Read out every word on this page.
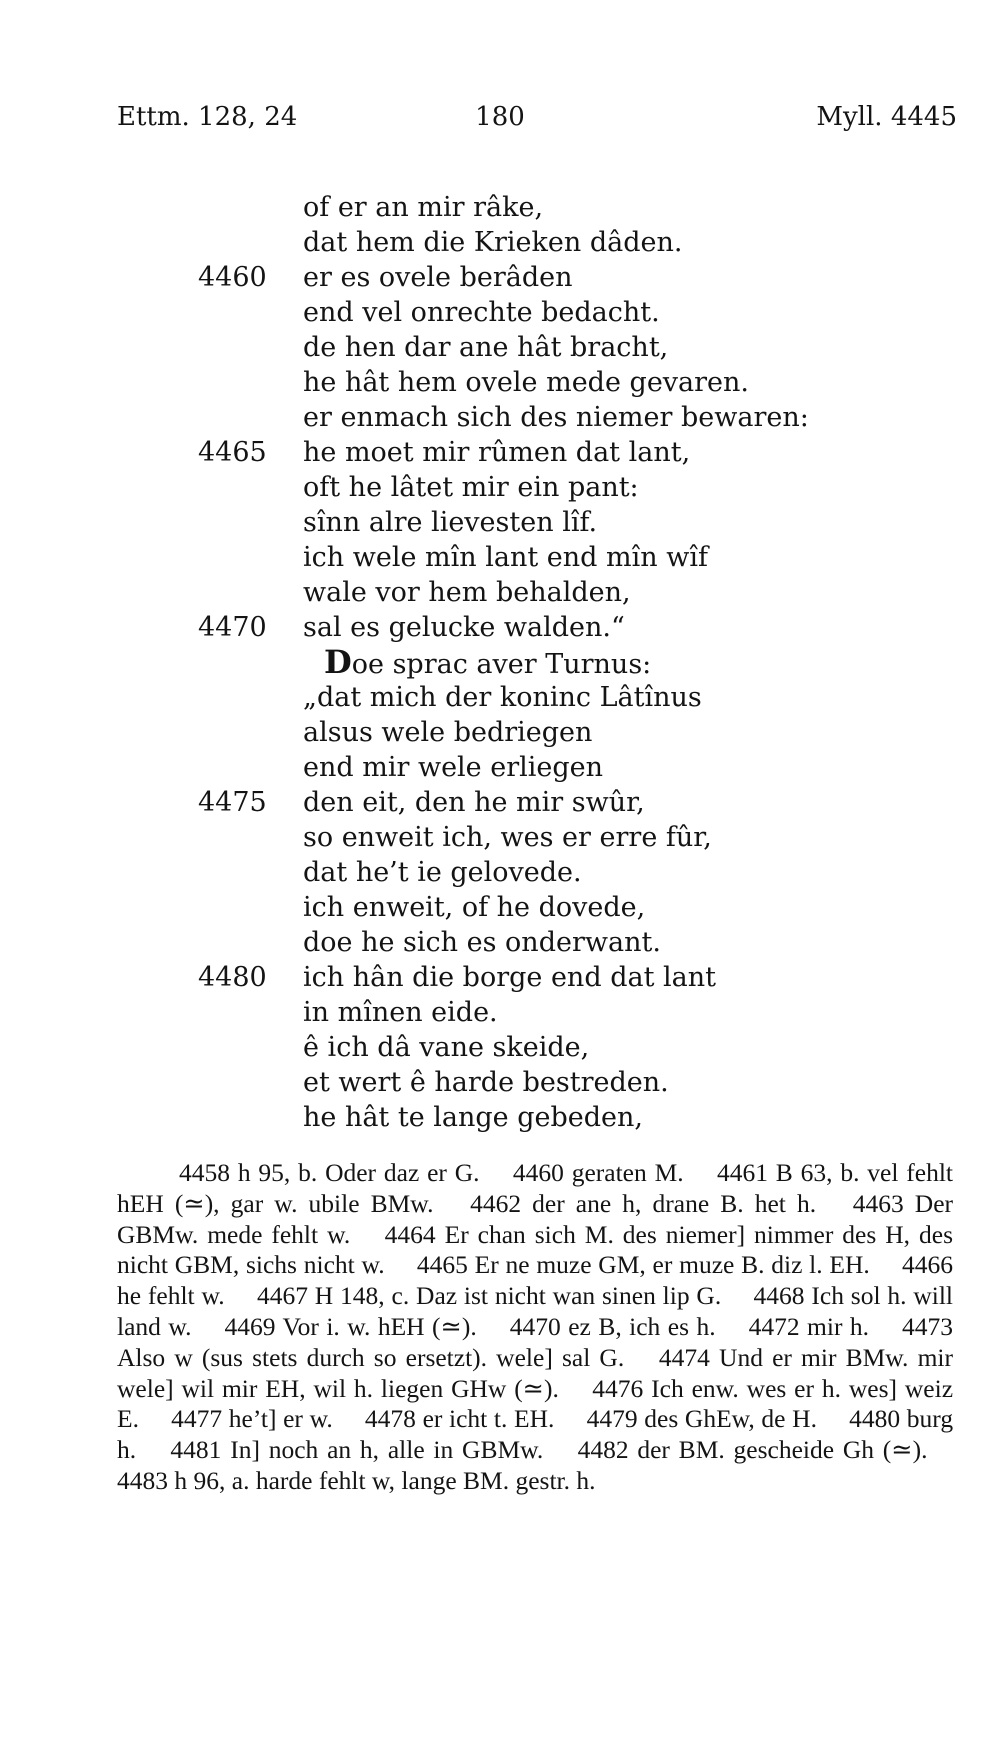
Ettm. 128, 24	180	Myll. 4445
of er an mir râke,
dat hem die Krieken dâden.
4460	er es ovele berâden
end vel onrechte bedacht.
de hen dar ane hât bracht,
he hât hem ovele mede gevaren.
er enmach sich des niemer bewaren:
4465	he moet mir rûmen dat lant,
oft he lâtet mir ein pant:
sînn alre lievesten lîf.
ich wele mîn lant end mîn wîf
wale vor hem behalden,
4470	sal es gelucke walden.“
Doe sprac aver Turnus:
„dat mich der koninc Lâtînus
alsus wele bedriegen
end mir wele erliegen
4475	den eit, den he mir swûr,
so enweit ich, wes er erre fûr,
dat he’t ie gelovede.
ich enweit, of he dovede,
doe he sich es onderwant.
4480	ich hân die borge end dat lant
in mînen eide.
ê ich dâ vane skeide,
et wert ê harde bestreden.
he hât te lange gebeden,

4458 h 95, b. Oder daz er G.  4460 geraten M.  4461 B 63, b. vel fehlt hEH (≃), gar w. ubile BMw.  4462 der ane h, drane B. het h.  4463 Der GBMw. mede fehlt w.  4464 Er chan sich M. des niemer] nimmer des H, des nicht GBM, sichs nicht w.  4465 Er ne muze GM, er muze B. diz l. EH.  4466 he fehlt w.  4467 H 148, c. Daz ist nicht wan sinen lip G.  4468 Ich sol h. will land w.  4469 Vor i. w. hEH (≃).  4470 ez B, ich es h.  4472 mir h.  4473 Also w (sus stets durch so ersetzt). wele] sal G.  4474 Und er mir BMw. mir wele] wil mir EH, wil h. liegen GHw (≃).  4476 Ich enw. wes er h. wes] weiz E.  4477 he’t] er w.  4478 er icht t. EH.  4479 des GhEw, de H.  4480 burg h.  4481 In] noch an h, alle in GBMw.  4482 der BM. gescheide Gh (≃).  4483 h 96, a. harde fehlt w, lange BM. gestr. h.
